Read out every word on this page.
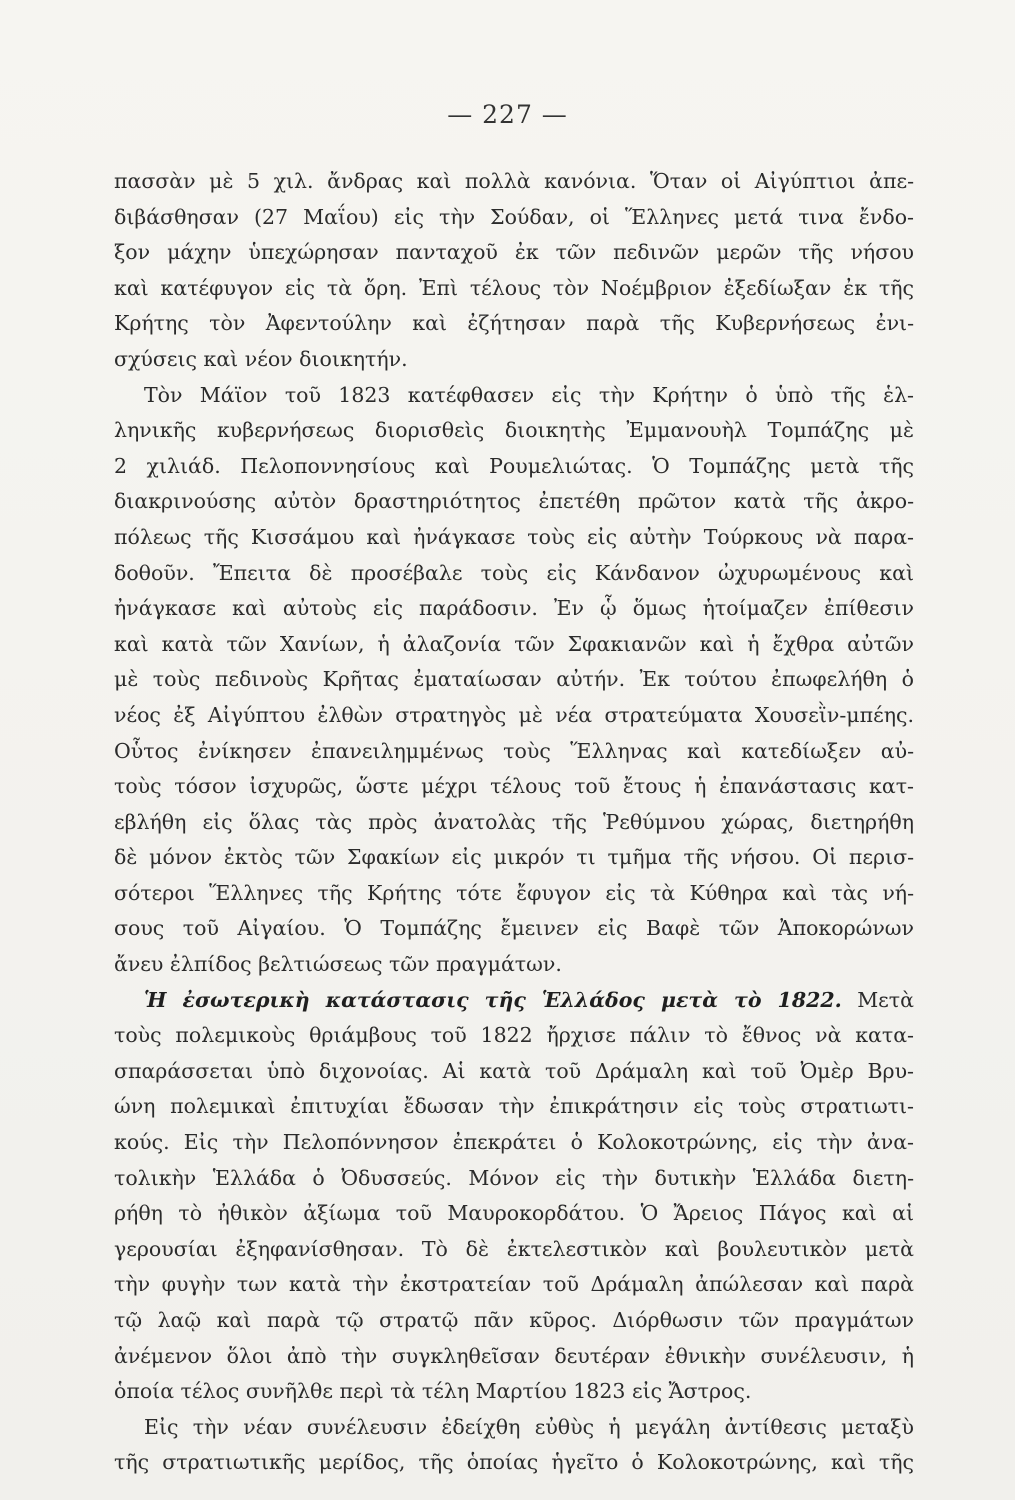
— 227 —
πασσὰν μὲ 5 χιλ. ἄνδρας καὶ πολλὰ κανόνια. Ὅταν οἱ Αἰγύπτιοι ἀπε-
διβάσθησαν (27 Μαΐου) εἰς τὴν Σούδαν, οἱ Ἕλληνες μετά τινα ἔνδο-
ξον μάχην ὑπεχώρησαν πανταχοῦ ἐκ τῶν πεδινῶν μερῶν τῆς νήσου
καὶ κατέφυγον εἰς τὰ ὄρη. Ἐπὶ τέλους τὸν Νοέμβριον ἐξεδίωξαν ἐκ τῆς
Κρήτης τὸν Ἀφεντούλην καὶ ἐζήτησαν παρὰ τῆς Κυβερνήσεως ἐνι-
σχύσεις καὶ νέον διοικητήν.
Τὸν Μάϊον τοῦ 1823 κατέφθασεν εἰς τὴν Κρήτην ὁ ὑπὸ τῆς ἑλ-
ληνικῆς κυβερνήσεως διορισθεὶς διοικητὴς Ἐμμανουὴλ Τομπάζης μὲ
2 χιλιάδ. Πελοποννησίους καὶ Ρουμελιώτας. Ὁ Τομπάζης μετὰ τῆς
διακρινούσης αὐτὸν δραστηριότητος ἐπετέθη πρῶτον κατὰ τῆς ἀκρο-
πόλεως τῆς Κισσάμου καὶ ἠνάγκασε τοὺς εἰς αὐτὴν Τούρκους νὰ παρα-
δοθοῦν. Ἔπειτα δὲ προσέβαλε τοὺς εἰς Κάνδανον ὠχυρωμένους καὶ
ἠνάγκασε καὶ αὐτοὺς εἰς παράδοσιν. Ἐν ᾧ ὅμως ἡτοίμαζεν ἐπίθεσιν
καὶ κατὰ τῶν Χανίων, ἡ ἀλαζονία τῶν Σφακιανῶν καὶ ἡ ἔχθρα αὐτῶν
μὲ τοὺς πεδινοὺς Κρῆτας ἐματαίωσαν αὐτήν. Ἐκ τούτου ἐπωφελήθη ὁ
νέος ἐξ Αἰγύπτου ἐλθὼν στρατηγὸς μὲ νέα στρατεύματα Χουσεῒν-μπέης.
Οὗτος ἐνίκησεν ἐπανειλημμένως τοὺς Ἕλληνας καὶ κατεδίωξεν αὐ-
τοὺς τόσον ἰσχυρῶς, ὥστε μέχρι τέλους τοῦ ἔτους ἡ ἐπανάστασις κατ-
εβλήθη εἰς ὅλας τὰς πρὸς ἀνατολὰς τῆς Ῥεθύμνου χώρας, διετηρήθη
δὲ μόνον ἐκτὸς τῶν Σφακίων εἰς μικρόν τι τμῆμα τῆς νήσου. Οἱ περισ-
σότεροι Ἕλληνες τῆς Κρήτης τότε ἔφυγον εἰς τὰ Κύθηρα καὶ τὰς νή-
σους τοῦ Αἰγαίου. Ὁ Τομπάζης ἔμεινεν εἰς Βαφὲ τῶν Ἀποκορώνων
ἄνευ ἐλπίδος βελτιώσεως τῶν πραγμάτων.
Ἡ ἐσωτερικὴ κατάστασις τῆς Ἑλλάδος μετὰ τὸ 1822. Μετὰ
τοὺς πολεμικοὺς θριάμβους τοῦ 1822 ἤρχισε πάλιν τὸ ἔθνος νὰ κατα-
σπαράσσεται ὑπὸ διχονοίας. Αἱ κατὰ τοῦ Δράμαλη καὶ τοῦ Ὀμὲρ Βρυ-
ώνη πολεμικαὶ ἐπιτυχίαι ἔδωσαν τὴν ἐπικράτησιν εἰς τοὺς στρατιωτι-
κούς. Εἰς τὴν Πελοπόννησον ἐπεκράτει ὁ Κολοκοτρώνης, εἰς τὴν ἀνα-
τολικὴν Ἑλλάδα ὁ Ὀδυσσεύς. Μόνον εἰς τὴν δυτικὴν Ἑλλάδα διετη-
ρήθη τὸ ἠθικὸν ἀξίωμα τοῦ Μαυροκορδάτου. Ὁ Ἄρειος Πάγος καὶ αἱ
γερουσίαι ἐξηφανίσθησαν. Τὸ δὲ ἐκτελεστικὸν καὶ βουλευτικὸν μετὰ
τὴν φυγὴν των κατὰ τὴν ἐκστρατείαν τοῦ Δράμαλη ἀπώλεσαν καὶ παρὰ
τῷ λαῷ καὶ παρὰ τῷ στρατῷ πᾶν κῦρος. Διόρθωσιν τῶν πραγμάτων
ἀνέμενον ὅλοι ἀπὸ τὴν συγκληθεῖσαν δευτέραν ἐθνικὴν συνέλευσιν, ἡ
ὁποία τέλος συνῆλθε περὶ τὰ τέλη Μαρτίου 1823 εἰς Ἄστρος.
Εἰς τὴν νέαν συνέλευσιν ἐδείχθη εὐθὺς ἡ μεγάλη ἀντίθεσις μεταξὺ
τῆς στρατιωτικῆς μερίδος, τῆς ὁποίας ἡγεῖτο ὁ Κολοκοτρώνης, καὶ τῆς
